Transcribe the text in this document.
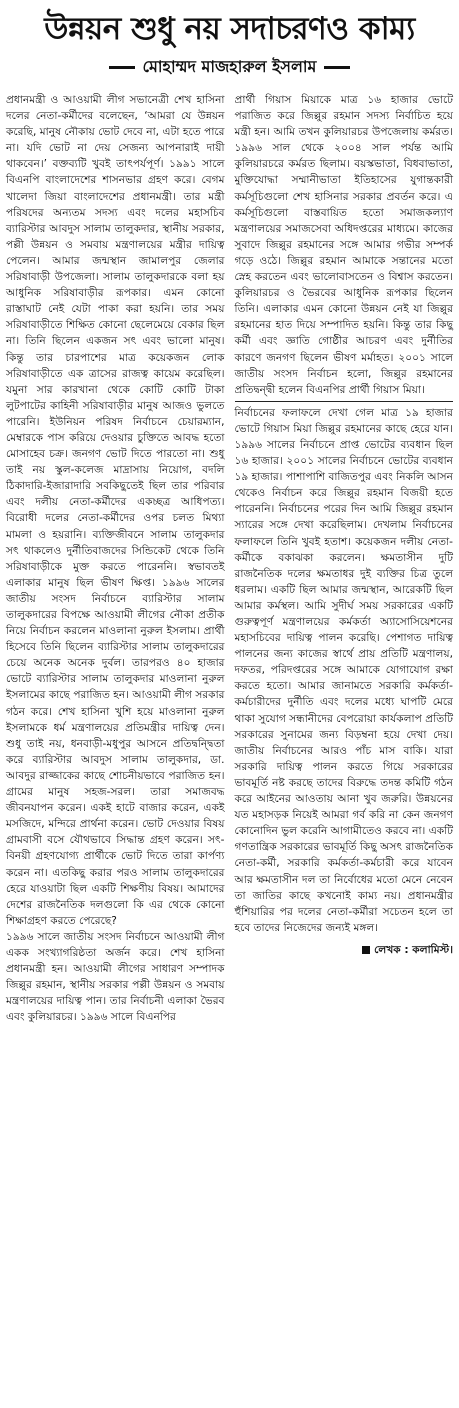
উন্নয়ন শুধু নয় সদাচরণও কাম্য
মোহাম্মদ মাজহারুল ইসলাম

প্রধানমন্ত্রী ও আওয়ামী লীগ সভানেত্রী শেখ হাসিনা দলের নেতা-কর্মীদের বলেছেন, ‘আমরা যে উন্নয়ন করেছি, মানুষ নৌকায় ভোট দেবে না, এটা হতে পারে না। যদি ভোট না দেয় সেজন্য আপনারাই দায়ী থাকবেন।’ বক্তব্যটি খুবই তাৎপর্যপূর্ণ। ১৯৯১ সালে বিএনপি বাংলাদেশের শাসনভার গ্রহণ করে। বেগম খালেদা জিয়া বাংলাদেশের প্রধানমন্ত্রী। তার মন্ত্রী পরিষদের অন্যতম সদস্য এবং দলের মহাসচিব ব্যারিস্টার আবদুস সালাম তালুকদার, স্থানীয় সরকার, পল্লী উন্নয়ন ও সমবায় মন্ত্রণালয়ের মন্ত্রীর দায়িত্ব পেলেন। আমার জন্মস্থান জামালপুর জেলার সরিষাবাড়ী উপজেলা। সালাম তালুকদারকে বলা হয় আধুনিক সরিষাবাড়ীর রূপকার। এমন কোনো রাস্তাঘাট নেই যেটা পাকা করা হয়নি। তার সময় সরিষাবাড়ীতে শিক্ষিত কোনো ছেলেমেয়ে বেকার ছিল না। তিনি ছিলেন একজন সৎ এবং ভালো মানুষ। কিন্তু তার চারপাশের মাত্র কয়েকজন লোক সরিষাবাড়ীতে এক ত্রাসের রাজত্ব কায়েম করেছিল। যমুনা সার কারখানা থেকে কোটি কোটি টাকা লুটপাটের কাহিনী সরিষাবাড়ীর মানুষ আজও ভুলতে পারেনি। ইউনিয়ন পরিষদ নির্বাচনে চেয়ারম্যান, মেম্বারকে পাস করিয়ে দেওয়ার চুক্তিতে আবদ্ধ হতো মোসাহেব চক্র। জনগণ ভোট দিতে পারতো না। শুধু তাই নয় স্কুল-কলেজ মাদ্রাসায় নিয়োগ, বদলি ঠিকাদারি-ইজারাদারি সবকিছুতেই ছিল তার পরিবার এবং দলীয় নেতা-কর্মীদের একচ্ছত্র আধিপত্য। বিরোধী দলের নেতা-কর্মীদের ওপর চলত মিথ্যা মামলা ও হয়রানি। ব্যক্তিজীবনে সালাম তালুকদার সৎ থাকলেও দুর্নীতিবাজদের সিন্ডিকেট থেকে তিনি সরিষাবাড়ীকে মুক্ত করতে পারেননি। স্বভাবতই এলাকার মানুষ ছিল ভীষণ ক্ষিপ্ত। ১৯৯৬ সালের জাতীয় সংসদ নির্বাচনে ব্যারিস্টার সালাম তালুকদারের বিপক্ষে আওয়ামী লীগের নৌকা প্রতীক নিয়ে নির্বাচন করলেন মাওলানা নুরুল ইসলাম। প্রার্থী হিসেবে তিনি ছিলেন ব্যারিস্টার সালাম তালুকদারের চেয়ে অনেক অনেক দুর্বল। তারপরও ৪০ হাজার ভোটে ব্যারিস্টার সালাম তালুকদার মাওলানা নুরুল ইসলামের কাছে পরাজিত হন। আওয়ামী লীগ সরকার গঠন করে। শেখ হাসিনা খুশি হয়ে মাওলানা নুরুল ইসলামকে ধর্ম মন্ত্রণালয়ের প্রতিমন্ত্রীর দায়িত্ব দেন। শুধু তাই নয়, ধনবাড়ী-মধুপুর আসনে প্রতিদ্বন্দ্বিতা করে ব্যারিস্টার আবদুস সালাম তালুকদার, ডা. আবদুর রাজ্জাকের কাছে শোচনীয়ভাবে পরাজিত হন। গ্রামের মানুষ সহজ-সরল। তারা সমাজবদ্ধ জীবনযাপন করেন। একই হাটে বাজার করেন, একই মসজিদে, মন্দিরে প্রার্থনা করেন। ভোট দেওয়ার বিষয় গ্রামবাসী বসে যৌথভাবে সিদ্ধান্ত গ্রহণ করেন। সৎ-বিনয়ী গ্রহণযোগ্য প্রার্থীকে ভোট দিতে তারা কার্পণ্য করেন না। এতকিছু করার পরও সালাম তালুকদারের হেরে যাওয়াটা ছিল একটি শিক্ষণীয় বিষয়। আমাদের দেশের রাজনৈতিক দলগুলো কি এর থেকে কোনো শিক্ষাগ্রহণ করতে পেরেছে?

১৯৯৬ সালে জাতীয় সংসদ নির্বাচনে আওয়ামী লীগ একক সংখ্যাগরিষ্ঠতা অর্জন করে। শেখ হাসিনা প্রধানমন্ত্রী হন। আওয়ামী লীগের সাধারণ সম্পাদক জিল্লুর রহমান, স্থানীয় সরকার পল্লী উন্নয়ন ও সমবায় মন্ত্রণালয়ের দায়িত্ব পান। তার নির্বাচনী এলাকা ভৈরব এবং কুলিয়ারচর। ১৯৯৬ সালে বিএনপির

প্রার্থী গিয়াস মিয়াকে মাত্র ১৬ হাজার ভোটে পরাজিত করে জিল্লুর রহমান সদস্য নির্বাচিত হয়ে মন্ত্রী হন। আমি তখন কুলিয়ারচর উপজেলায় কর্মরত। ১৯৯৬ সাল থেকে ২০০৪ সাল পর্যন্ত আমি কুলিয়ারচরে কর্মরত ছিলাম। বয়স্কভাতা, বিধবাভাতা, মুক্তিযোদ্ধা সম্মানীভাতা ইতিহাসের যুগান্তকারী কর্মসূচিগুলো শেখ হাসিনার সরকার প্রবর্তন করে। এ কর্মসূচিগুলো বাস্তবায়িত হতো সমাজকল্যাণ মন্ত্রণালয়ের সমাজসেবা অধিদপ্তরের মাধ্যমে। কাজের সুবাদে জিল্লুর রহমানের সঙ্গে আমার গভীর সম্পর্ক গড়ে ওঠে। জিল্লুর রহমান আমাকে সন্তানের মতো স্নেহ করতেন এবং ভালোবাসতেন ও বিশ্বাস করতেন। কুলিয়ারচর ও ভৈরবের আধুনিক রূপকার ছিলেন তিনি। এলাকার এমন কোনো উন্নয়ন নেই যা জিল্লুর রহমানের হাত দিয়ে সম্পাদিত হয়নি। কিন্তু তার কিছু কর্মী এবং জ্ঞাতি গোষ্ঠীর আচরণ এবং দুর্নীতির কারণে জনগণ ছিলেন ভীষণ মর্মাহত। ২০০১ সালে জাতীয় সংসদ নির্বাচন হলো, জিল্লুর রহমানের প্রতিদ্বন্দ্বী হলেন বিএনপির প্রার্থী গিয়াস মিয়া।

নির্বাচনের ফলাফলে দেখা গেল মাত্র ১৯ হাজার ভোটে গিয়াস মিয়া জিল্লুর রহমানের কাছে হেরে যান। ১৯৯৬ সালের নির্বাচনে প্রাপ্ত ভোটের ব্যবধান ছিল ১৬ হাজার। ২০০১ সালের নির্বাচনে ভোটের ব্যবধান ১৯ হাজার। পাশাপাশি বাজিতপুর এবং নিকলি আসন থেকেও নির্বাচন করে জিল্লুর রহমান বিজয়ী হতে পারেননি। নির্বাচনের পরের দিন আমি জিল্লুর রহমান স্যারের সঙ্গে দেখা করেছিলাম। দেখলাম নির্বাচনের ফলাফলে তিনি খুবই হতাশ। কয়েকজন দলীয় নেতা-কর্মীকে বকাঝকা করলেন। ক্ষমতাসীন দুটি রাজনৈতিক দলের ক্ষমতাধর দুই ব্যক্তির চিত্র তুলে ধরলাম। একটি ছিল আমার জন্মস্থান, আরেকটি ছিল আমার কর্মস্থল। আমি সুদীর্ঘ সময় সরকারের একটি গুরুত্বপূর্ণ মন্ত্রণালয়ের কর্মকর্তা অ্যাসোসিয়েশনের মহাসচিবের দায়িত্ব পালন করেছি। পেশাগত দায়িত্ব পালনের জন্য কাজের স্বার্থে প্রায় প্রতিটি মন্ত্রণালয়, দফতর, পরিদপ্তরের সঙ্গে আমাকে যোগাযোগ রক্ষা করতে হতো। আমার জানামতে সরকারি কর্মকর্তা-কর্মচারীদের দুর্নীতি এবং দলের মধ্যে ঘাপটি মেরে থাকা সুযোগ সন্ধানীদের বেপরোয়া কার্যকলাপ প্রতিটি সরকারের সুনামের জন্য বিড়ম্বনা হয়ে দেখা দেয়। জাতীয় নির্বাচনের আরও পাঁচ মাস বাকি। যারা সরকারি দায়িত্ব পালন করতে গিয়ে সরকারের ভাবমূর্তি নষ্ট করছে তাদের বিরুদ্ধে তদন্ত কমিটি গঠন করে আইনের আওতায় আনা খুব জরুরি। উন্নয়নের যত মহাসড়ক নিয়েই আমরা গর্ব করি না কেন জনগণ কোনোদিন ভুল করেনি আগামীতেও করবে না। একটি গণতান্ত্রিক সরকারের ভাবমূর্তি কিছু অসৎ রাজনৈতিক নেতা-কর্মী, সরকারি কর্মকর্তা-কর্মচারী করে যাবেন আর ক্ষমতাসীন দল তা নির্বোধের মতো মেনে নেবেন তা জাতির কাছে কখনোই কাম্য নয়। প্রধানমন্ত্রীর হুঁশিয়ারির পর দলের নেতা-কর্মীরা সচেতন হলে তা হবে তাদের নিজেদের জন্যই মঙ্গল।

লেখক : কলামিস্ট।
